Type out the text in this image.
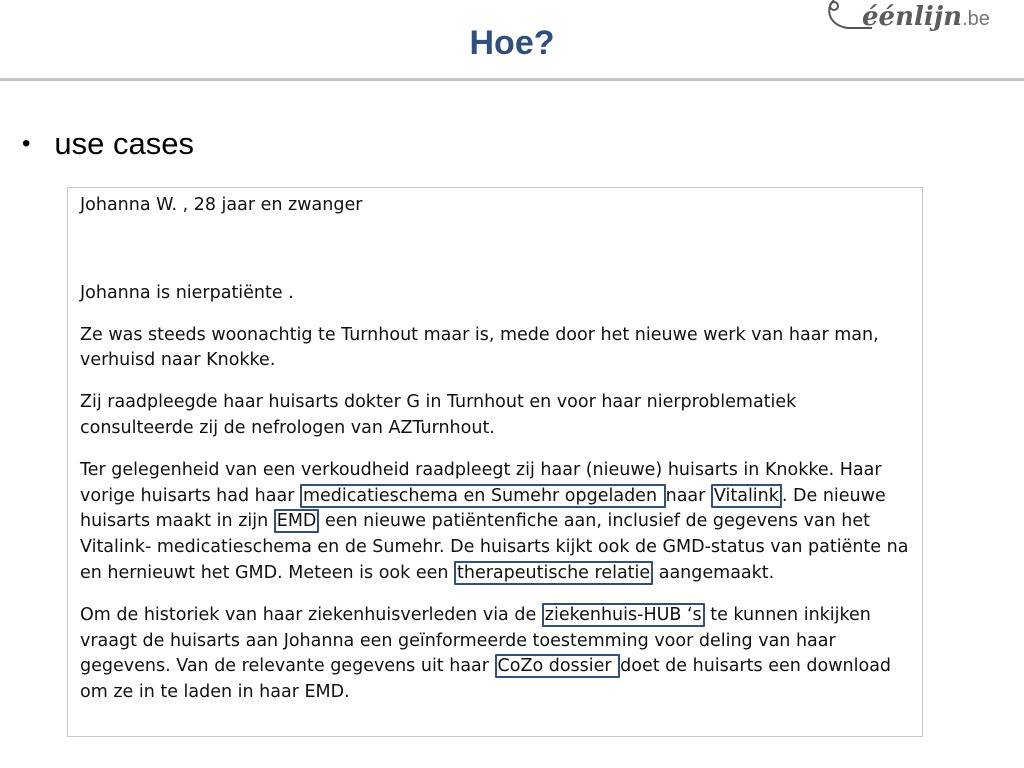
éénlijn.be
Hoe?
• use cases

Johanna W. , 28 jaar en zwanger

Johanna is nierpatiënte .

Ze was steeds woonachtig te Turnhout maar is, mede door het nieuwe werk van haar man, verhuisd naar Knokke.

Zij raadpleegde haar huisarts dokter G in Turnhout en voor haar nierproblematiek consulteerde zij de nefrologen van AZTurnhout.

Ter gelegenheid van een verkoudheid raadpleegt zij haar (nieuwe) huisarts in Knokke. Haar vorige huisarts had haar medicatieschema en Sumehr opgeladen naar Vitalink . De nieuwe huisarts maakt in zijn EMD een nieuwe patiëntenfiche aan, inclusief de gegevens van het Vitalink- medicatieschema en de Sumehr. De huisarts kijkt ook de GMD-status van patiënte na en hernieuwt het GMD. Meteen is ook een therapeutische relatie aangemaakt.

Om de historiek van haar ziekenhuisverleden via de ziekenhuis-HUB ‘s te kunnen inkijken vraagt de huisarts aan Johanna een geïnformeerde toestemming voor deling van haar gegevens. Van de relevante gegevens uit haar CoZo dossier doet de huisarts een download om ze in te laden in haar EMD.
